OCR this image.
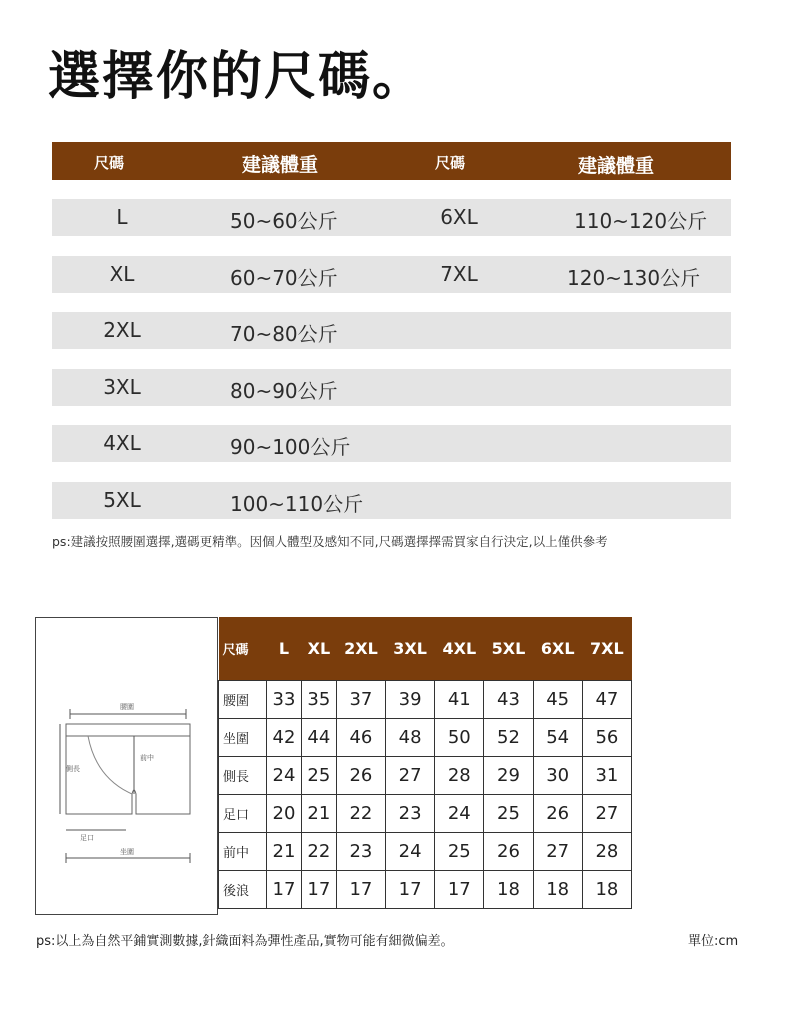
選擇你的尺碼。
尺碼	建議體重	尺碼	建議體重
L	50~60公斤	6XL	110~120公斤
XL	60~70公斤	7XL	120~130公斤
2XL	70~80公斤
3XL	80~90公斤
4XL	90~100公斤
5XL	100~110公斤
ps:建議按照腰圍選擇,選碼更精準。因個人體型及感知不同,尺碼選擇擇需買家自行決定,以上僅供參考
腰圍
側長
前中
足口
坐圍
尺碼	L	XL	2XL	3XL	4XL	5XL	6XL	7XL
腰圍	33	35	37	39	41	43	45	47
坐圍	42	44	46	48	50	52	54	56
側長	24	25	26	27	28	29	30	31
足口	20	21	22	23	24	25	26	27
前中	21	22	23	24	25	26	27	28
後浪	17	17	17	17	17	18	18	18
ps:以上為自然平鋪實測數據,針織面料為彈性產品,實物可能有細微偏差。	單位:cm
